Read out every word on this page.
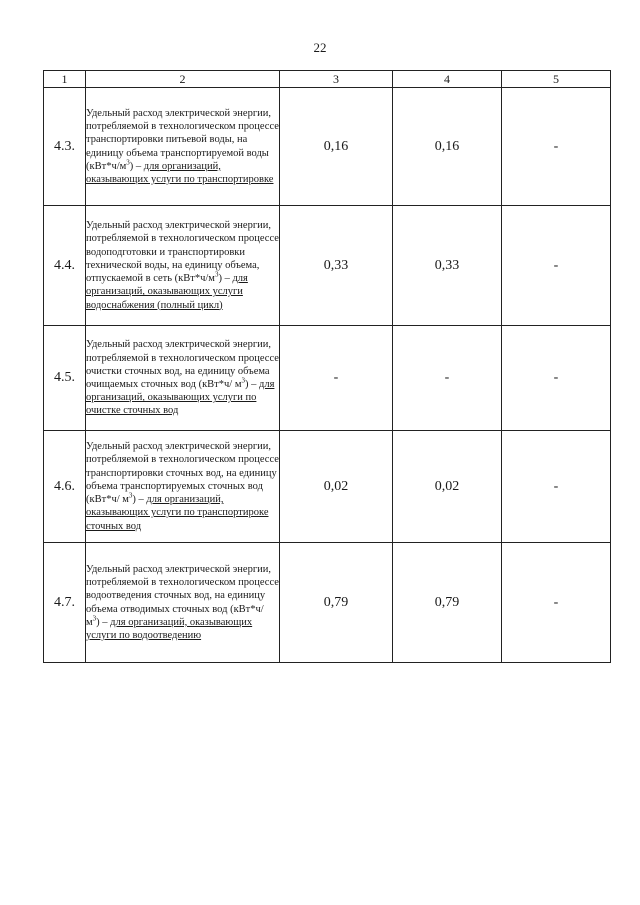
22
1	2	3	4	5
4.3.	Удельный расход электрической энергии, потребляемой в технологическом процессе транспортировки питьевой воды, на единицу объема транспортируемой воды $(кВт*ч/м^3)$ – для организаций, оказывающих услуги по транспортировке	0,16	0,16	-
4.4.	Удельный расход электрической энергии, потребляемой в технологическом процессе водоподготовки и транспортировки технической воды, на единицу объема, отпускаемой в сеть $(кВт*ч/м^3)$ – для организаций, оказывающих услуги водоснабжения (полный цикл)	0,33	0,33	-
4.5.	Удельный расход электрической энергии, потребляемой в технологическом процессе очистки сточных вод, на единицу объема очищаемых сточных вод (кВт*ч/ $м^3$) – для организаций, оказывающих услуги по очистке сточных вод	-	-	-
4.6.	Удельный расход электрической энергии, потребляемой в технологическом процессе транспортировки сточных вод, на единицу объема транспортируемых сточных вод (кВт*ч/ $м^3$) – для организаций, оказывающих услуги по транспортироке сточных вод	0,02	0,02	-
4.7.	Удельный расход электрической энергии, потребляемой в технологическом процессе водоотведения сточных вод, на единицу объема отводимых сточных вод (кВт*ч/ $м^3$) – для организаций, оказывающих услуги по водоотведению	0,79	0,79	-
